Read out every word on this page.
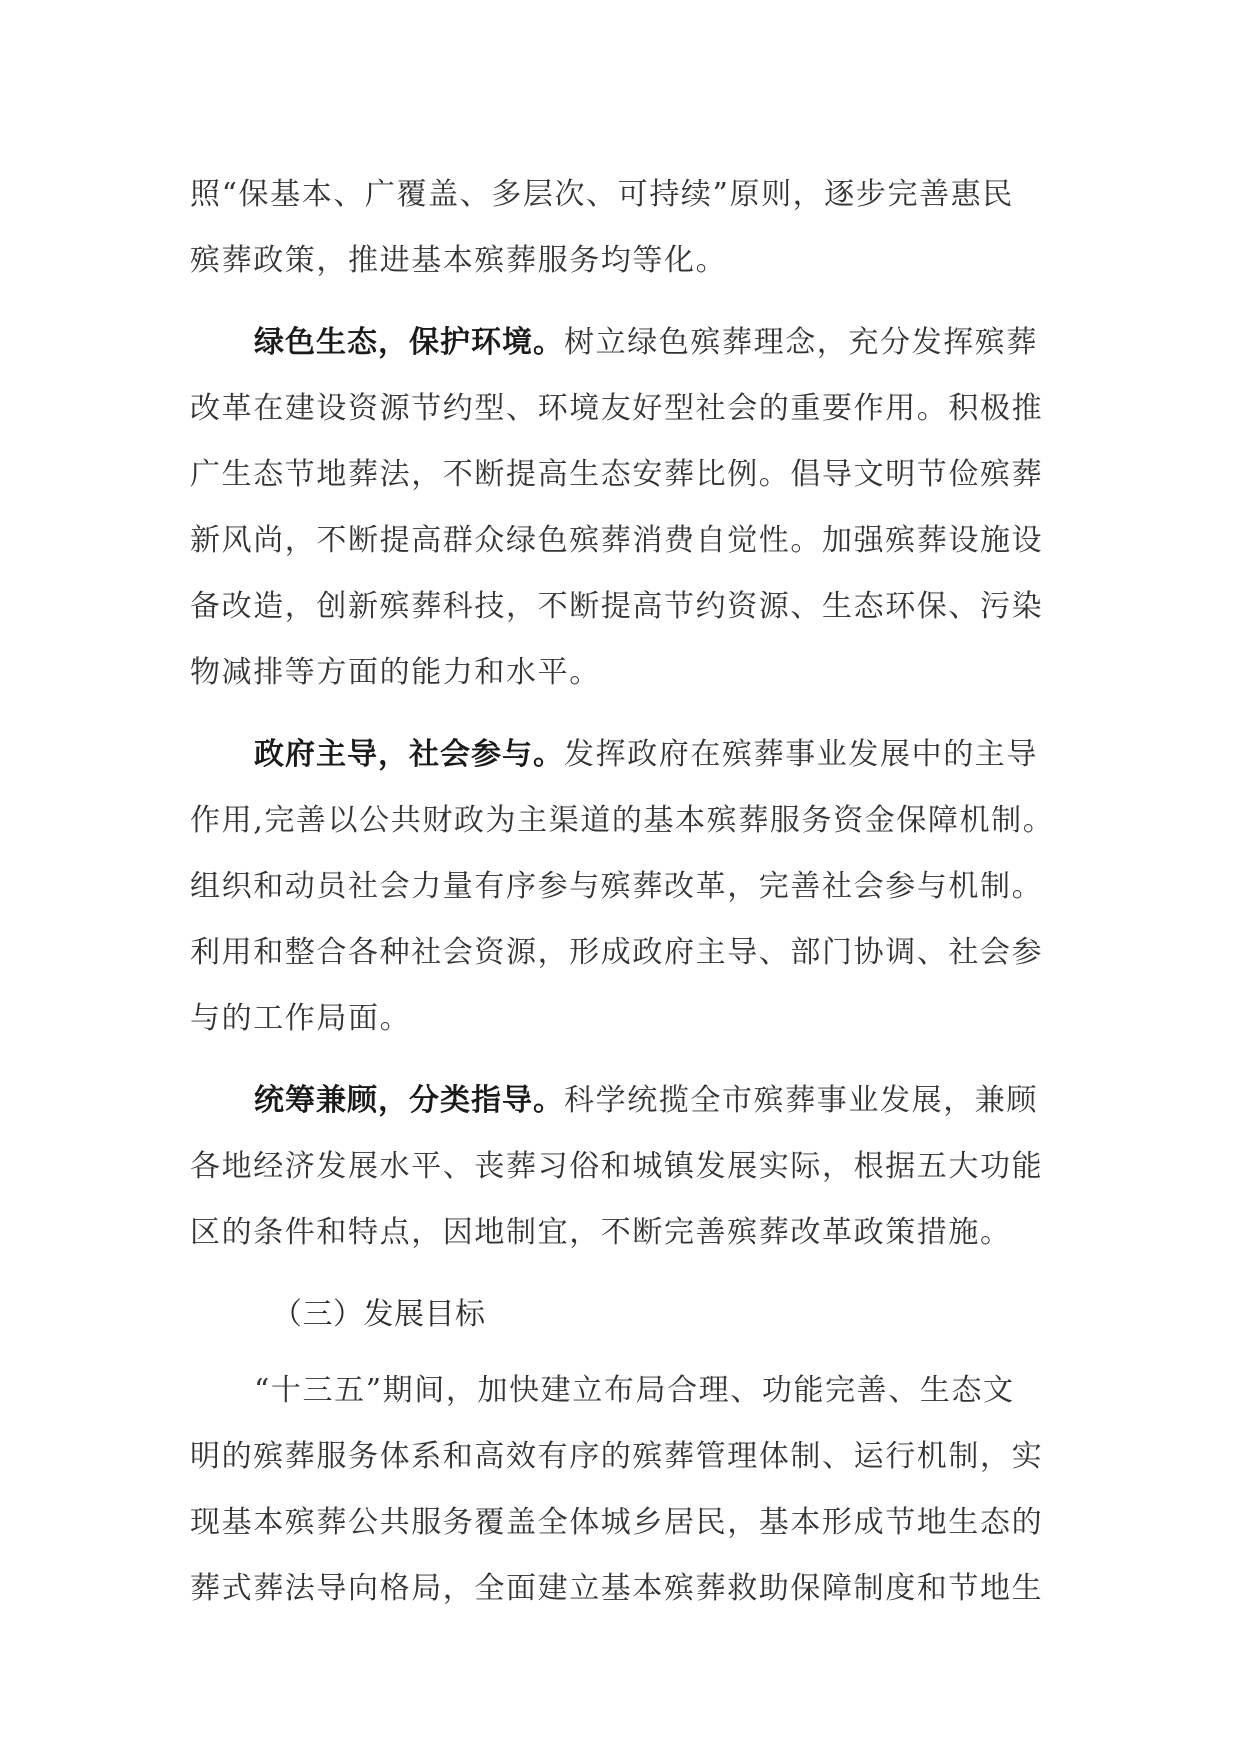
照“保基本、广覆盖、多层次、可持续”原则，逐步完善惠民
殡葬政策，推进基本殡葬服务均等化。

绿色生态，保护环境。树立绿色殡葬理念，充分发挥殡葬
改革在建设资源节约型、环境友好型社会的重要作用。积极推
广生态节地葬法，不断提高生态安葬比例。倡导文明节俭殡葬
新风尚，不断提高群众绿色殡葬消费自觉性。加强殡葬设施设
备改造，创新殡葬科技，不断提高节约资源、生态环保、污染
物减排等方面的能力和水平。

政府主导，社会参与。发挥政府在殡葬事业发展中的主导
作用,完善以公共财政为主渠道的基本殡葬服务资金保障机制。
组织和动员社会力量有序参与殡葬改革，完善社会参与机制。
利用和整合各种社会资源，形成政府主导、部门协调、社会参
与的工作局面。

统筹兼顾，分类指导。科学统揽全市殡葬事业发展，兼顾
各地经济发展水平、丧葬习俗和城镇发展实际，根据五大功能
区的条件和特点，因地制宜，不断完善殡葬改革政策措施。

（三）发展目标

“十三五”期间，加快建立布局合理、功能完善、生态文
明的殡葬服务体系和高效有序的殡葬管理体制、运行机制，实
现基本殡葬公共服务覆盖全体城乡居民，基本形成节地生态的
葬式葬法导向格局，全面建立基本殡葬救助保障制度和节地生
